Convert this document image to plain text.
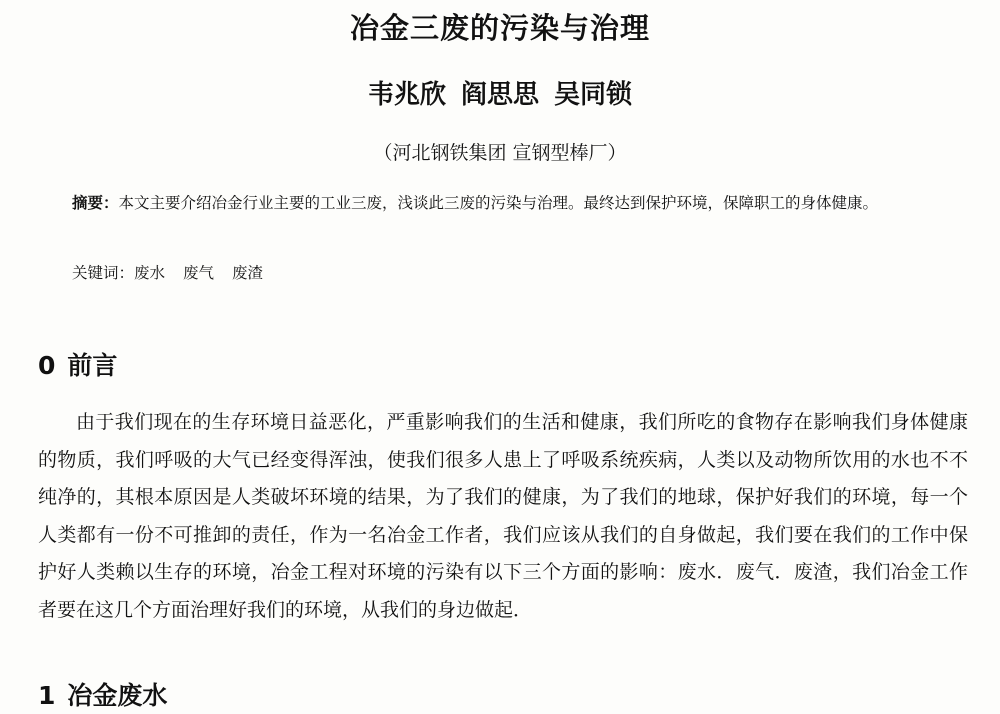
冶金三废的污染与治理
韦兆欣 阎思思 吴同锁
（河北钢铁集团 宣钢型棒厂）
摘要：本文主要介绍冶金行业主要的工业三废，浅谈此三废的污染与治理。最终达到保护环境，保障职工的身体健康。
关键词：废水 废气 废渣
0 前言

由于我们现在的生存环境日益恶化，严重影响我们的生活和健康，我们所吃的食物存在影响我们身体健康的物质，我们呼吸的大气已经变得浑浊，使我们很多人患上了呼吸系统疾病，人类以及动物所饮用的水也不不纯净的，其根本原因是人类破坏环境的结果，为了我们的健康，为了我们的地球，保护好我们的环境，每一个人类都有一份不可推卸的责任，作为一名冶金工作者，我们应该从我们的自身做起，我们要在我们的工作中保护好人类赖以生存的环境，冶金工程对环境的污染有以下三个方面的影响：废水．废气．废渣，我们冶金工作者要在这几个方面治理好我们的环境，从我们的身边做起．

1 冶金废水
